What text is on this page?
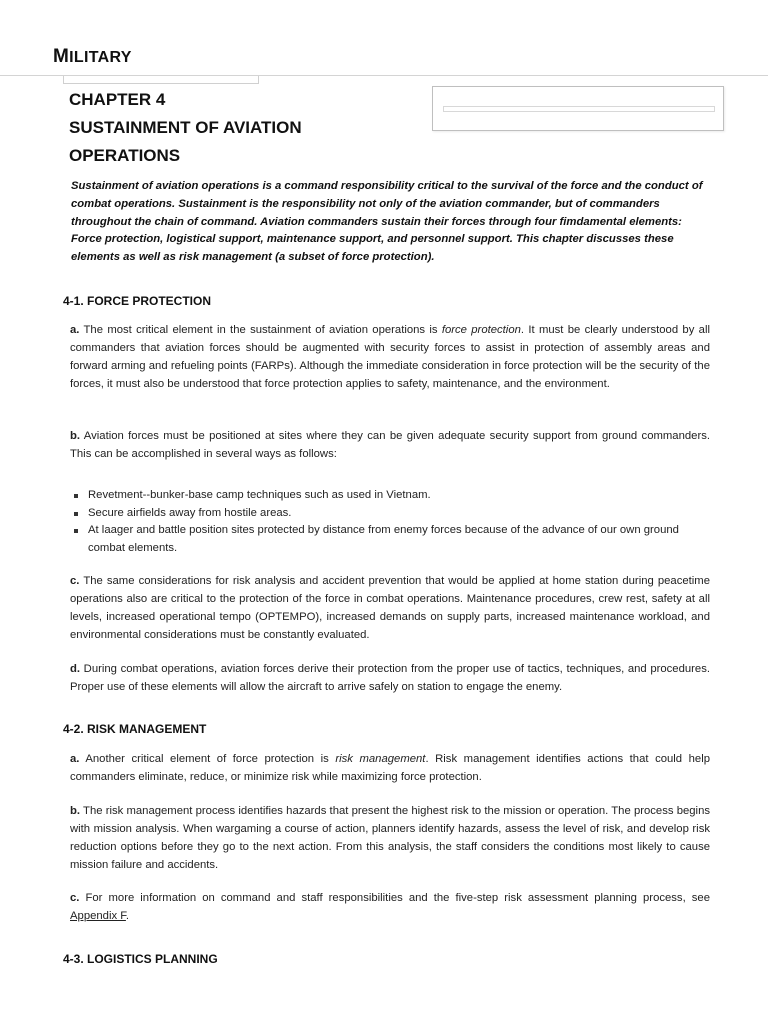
MILITARY
CHAPTER 4
SUSTAINMENT OF AVIATION OPERATIONS

Sustainment of aviation operations is a command responsibility critical to the survival of the force and the conduct of combat operations. Sustainment is the responsibility not only of the aviation commander, but of commanders throughout the chain of command. Aviation commanders sustain their forces through four fimdamental elements: Force protection, logistical support, maintenance support, and personnel support. This chapter discusses these elements as well as risk management (a subset of force protection).

4-1. FORCE PROTECTION

a. The most critical element in the sustainment of aviation operations is force protection. It must be clearly understood by all commanders that aviation forces should be augmented with security forces to assist in protection of assembly areas and forward arming and refueling points (FARPs). Although the immediate consideration in force protection will be the security of the forces, it must also be understood that force protection applies to safety, maintenance, and the environment.

b. Aviation forces must be positioned at sites where they can be given adequate security support from ground commanders. This can be accomplished in several ways as follows:

Revetment--bunker-base camp techniques such as used in Vietnam.
Secure airfields away from hostile areas.
At laager and battle position sites protected by distance from enemy forces because of the advance of our own ground combat elements.

c. The same considerations for risk analysis and accident prevention that would be applied at home station during peacetime operations also are critical to the protection of the force in combat operations. Maintenance procedures, crew rest, safety at all levels, increased operational tempo (OPTEMPO), increased demands on supply parts, increased maintenance workload, and environmental considerations must be constantly evaluated.

d. During combat operations, aviation forces derive their protection from the proper use of tactics, techniques, and procedures. Proper use of these elements will allow the aircraft to arrive safely on station to engage the enemy.

4-2. RISK MANAGEMENT

a. Another critical element of force protection is risk management. Risk management identifies actions that could help commanders eliminate, reduce, or minimize risk while maximizing force protection.

b. The risk management process identifies hazards that present the highest risk to the mission or operation. The process begins with mission analysis. When wargaming a course of action, planners identify hazards, assess the level of risk, and develop risk reduction options before they go to the next action. From this analysis, the staff considers the conditions most likely to cause mission failure and accidents.

c. For more information on command and staff responsibilities and the five-step risk assessment planning process, see Appendix F.

4-3. LOGISTICS PLANNING
